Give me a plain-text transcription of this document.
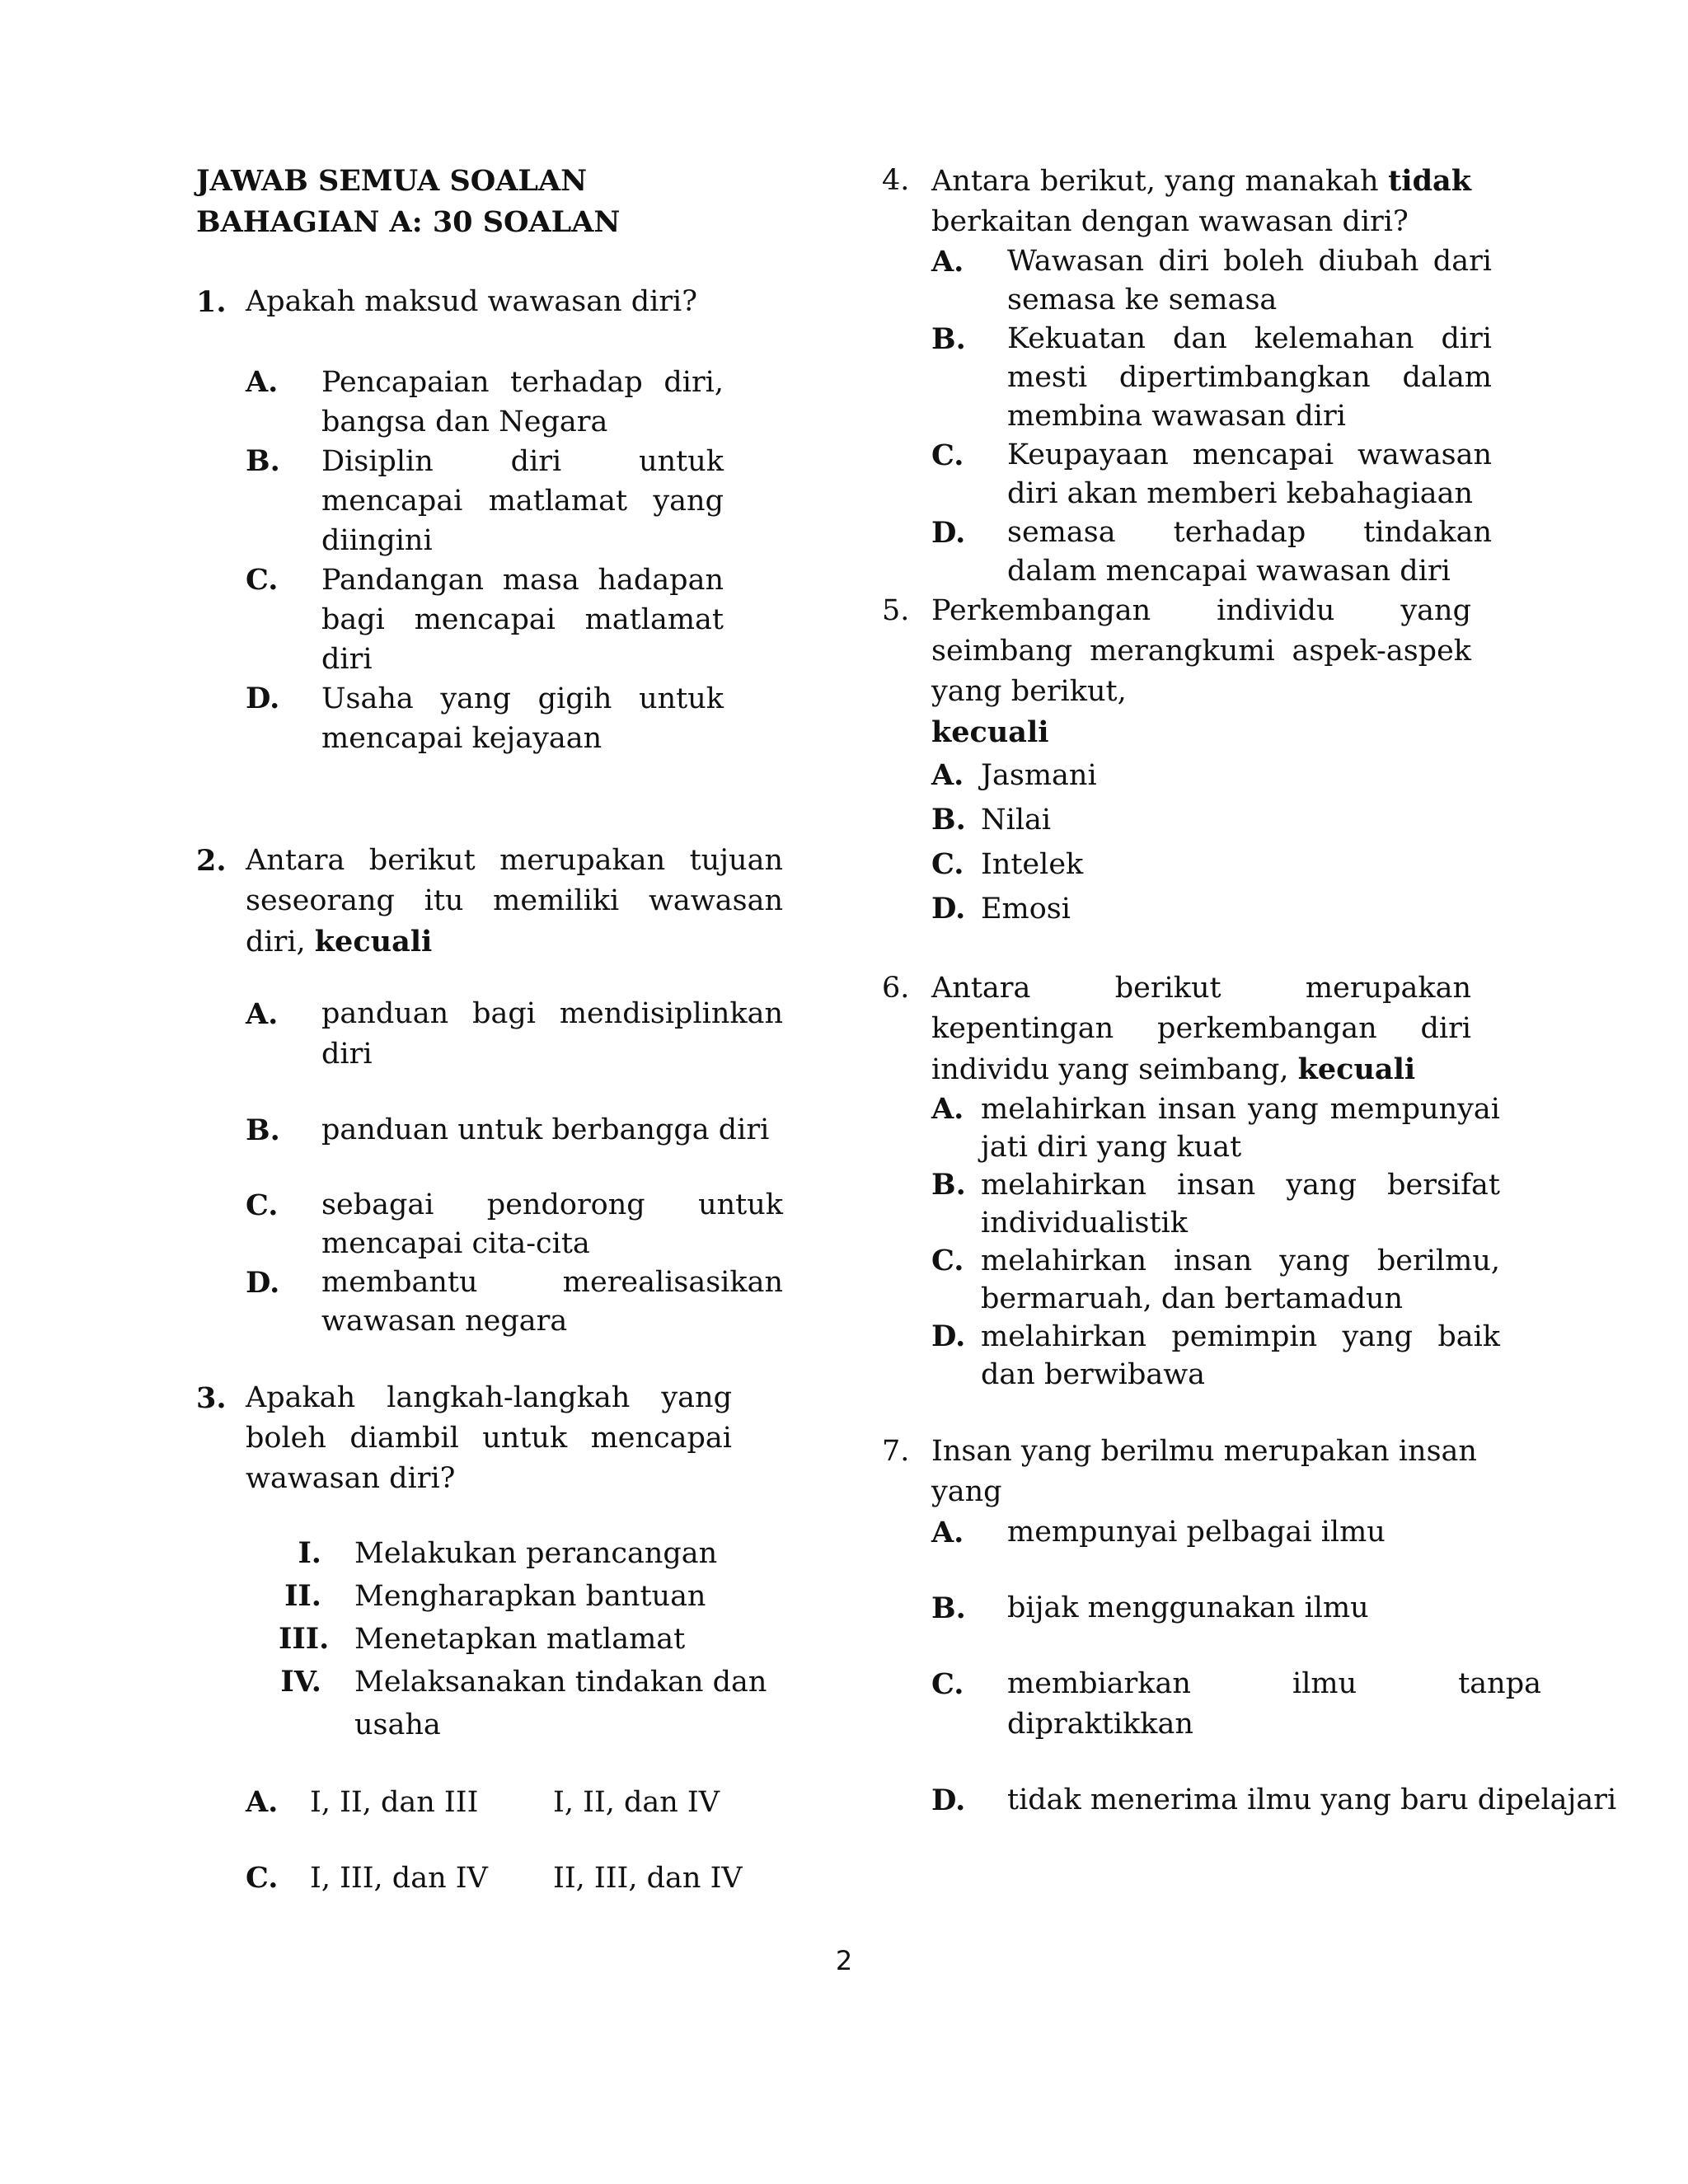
JAWAB SEMUA SOALAN
BAHAGIAN A: 30 SOALAN
1. Apakah maksud wawasan diri?
A.	Pencapaian terhadap diri, bangsa dan Negara
B.	Disiplin diri untuk mencapai matlamat yang diingini
C.	Pandangan masa hadapan bagi mencapai matlamat diri
D.	Usaha yang gigih untuk mencapai kejayaan
2. Antara berikut merupakan tujuan seseorang itu memiliki wawasan diri, kecuali
A.	panduan bagi mendisiplinkan diri
B.	panduan untuk berbangga diri
C.	sebagai pendorong untuk mencapai cita-cita
D.	membantu merealisasikan wawasan negara
3. Apakah langkah-langkah yang boleh diambil untuk mencapai wawasan diri?
I.	Melakukan perancangan
II.	Mengharapkan bantuan
III. Menetapkan matlamat
IV.	Melaksanakan tindakan dan usaha
A.	I, II, dan III	I, II, dan IV
C.	I, III, dan IV	II, III, dan IV
4. Antara berikut, yang manakah tidak berkaitan dengan wawasan diri?
A.	Wawasan diri boleh diubah dari semasa ke semasa
B.	Kekuatan dan kelemahan diri mesti dipertimbangkan dalam membina wawasan diri
C.	Keupayaan mencapai wawasan diri akan memberi kebahagiaan
D.	semasa terhadap tindakan dalam mencapai wawasan diri
5. Perkembangan individu yang seimbang merangkumi aspek-aspek yang berikut,
kecuali
A. Jasmani
B. Nilai
C. Intelek
D. Emosi
6. Antara berikut merupakan kepentingan perkembangan diri individu yang seimbang, kecuali
A. melahirkan insan yang mempunyai jati diri yang kuat
B. melahirkan insan yang bersifat individualistik
C. melahirkan insan yang berilmu, bermaruah, dan bertamadun
D. melahirkan pemimpin yang baik dan berwibawa
7. Insan yang berilmu merupakan insan
yang
A.	mempunyai pelbagai ilmu
B.	bijak menggunakan ilmu
C.	membiarkan ilmu tanpa dipraktikkan
D.	tidak menerima ilmu yang baru dipelajari
2
